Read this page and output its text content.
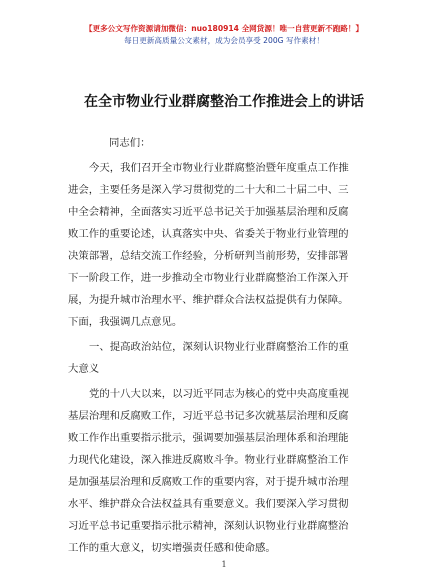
【更多公文写作资源请加微信：nuo180914 全网货源！唯一自营更新不跑路！】
每日更新高质量公文素材，成为会员享受 200G 写作素材！
在全市物业行业群腐整治工作推进会上的讲话
同志们：
今天，我们召开全市物业行业群腐整治暨年度重点工作推
进会，主要任务是深入学习贯彻党的二十大和二十届二中、三
中全会精神，全面落实习近平总书记关于加强基层治理和反腐
败工作的重要论述，认真落实中央、省委关于物业行业管理的
决策部署，总结交流工作经验，分析研判当前形势，安排部署
下一阶段工作，进一步推动全市物业行业群腐整治工作深入开
展，为提升城市治理水平、维护群众合法权益提供有力保障。
下面，我强调几点意见。
一、提高政治站位，深刻认识物业行业群腐整治工作的重
大意义
党的十八大以来，以习近平同志为核心的党中央高度重视
基层治理和反腐败工作，习近平总书记多次就基层治理和反腐
败工作作出重要指示批示，强调要加强基层治理体系和治理能
力现代化建设，深入推进反腐败斗争。物业行业群腐整治工作
是加强基层治理和反腐败工作的重要内容，对于提升城市治理
水平、维护群众合法权益具有重要意义。我们要深入学习贯彻
习近平总书记重要指示批示精神，深刻认识物业行业群腐整治
工作的重大意义，切实增强责任感和使命感。
1
